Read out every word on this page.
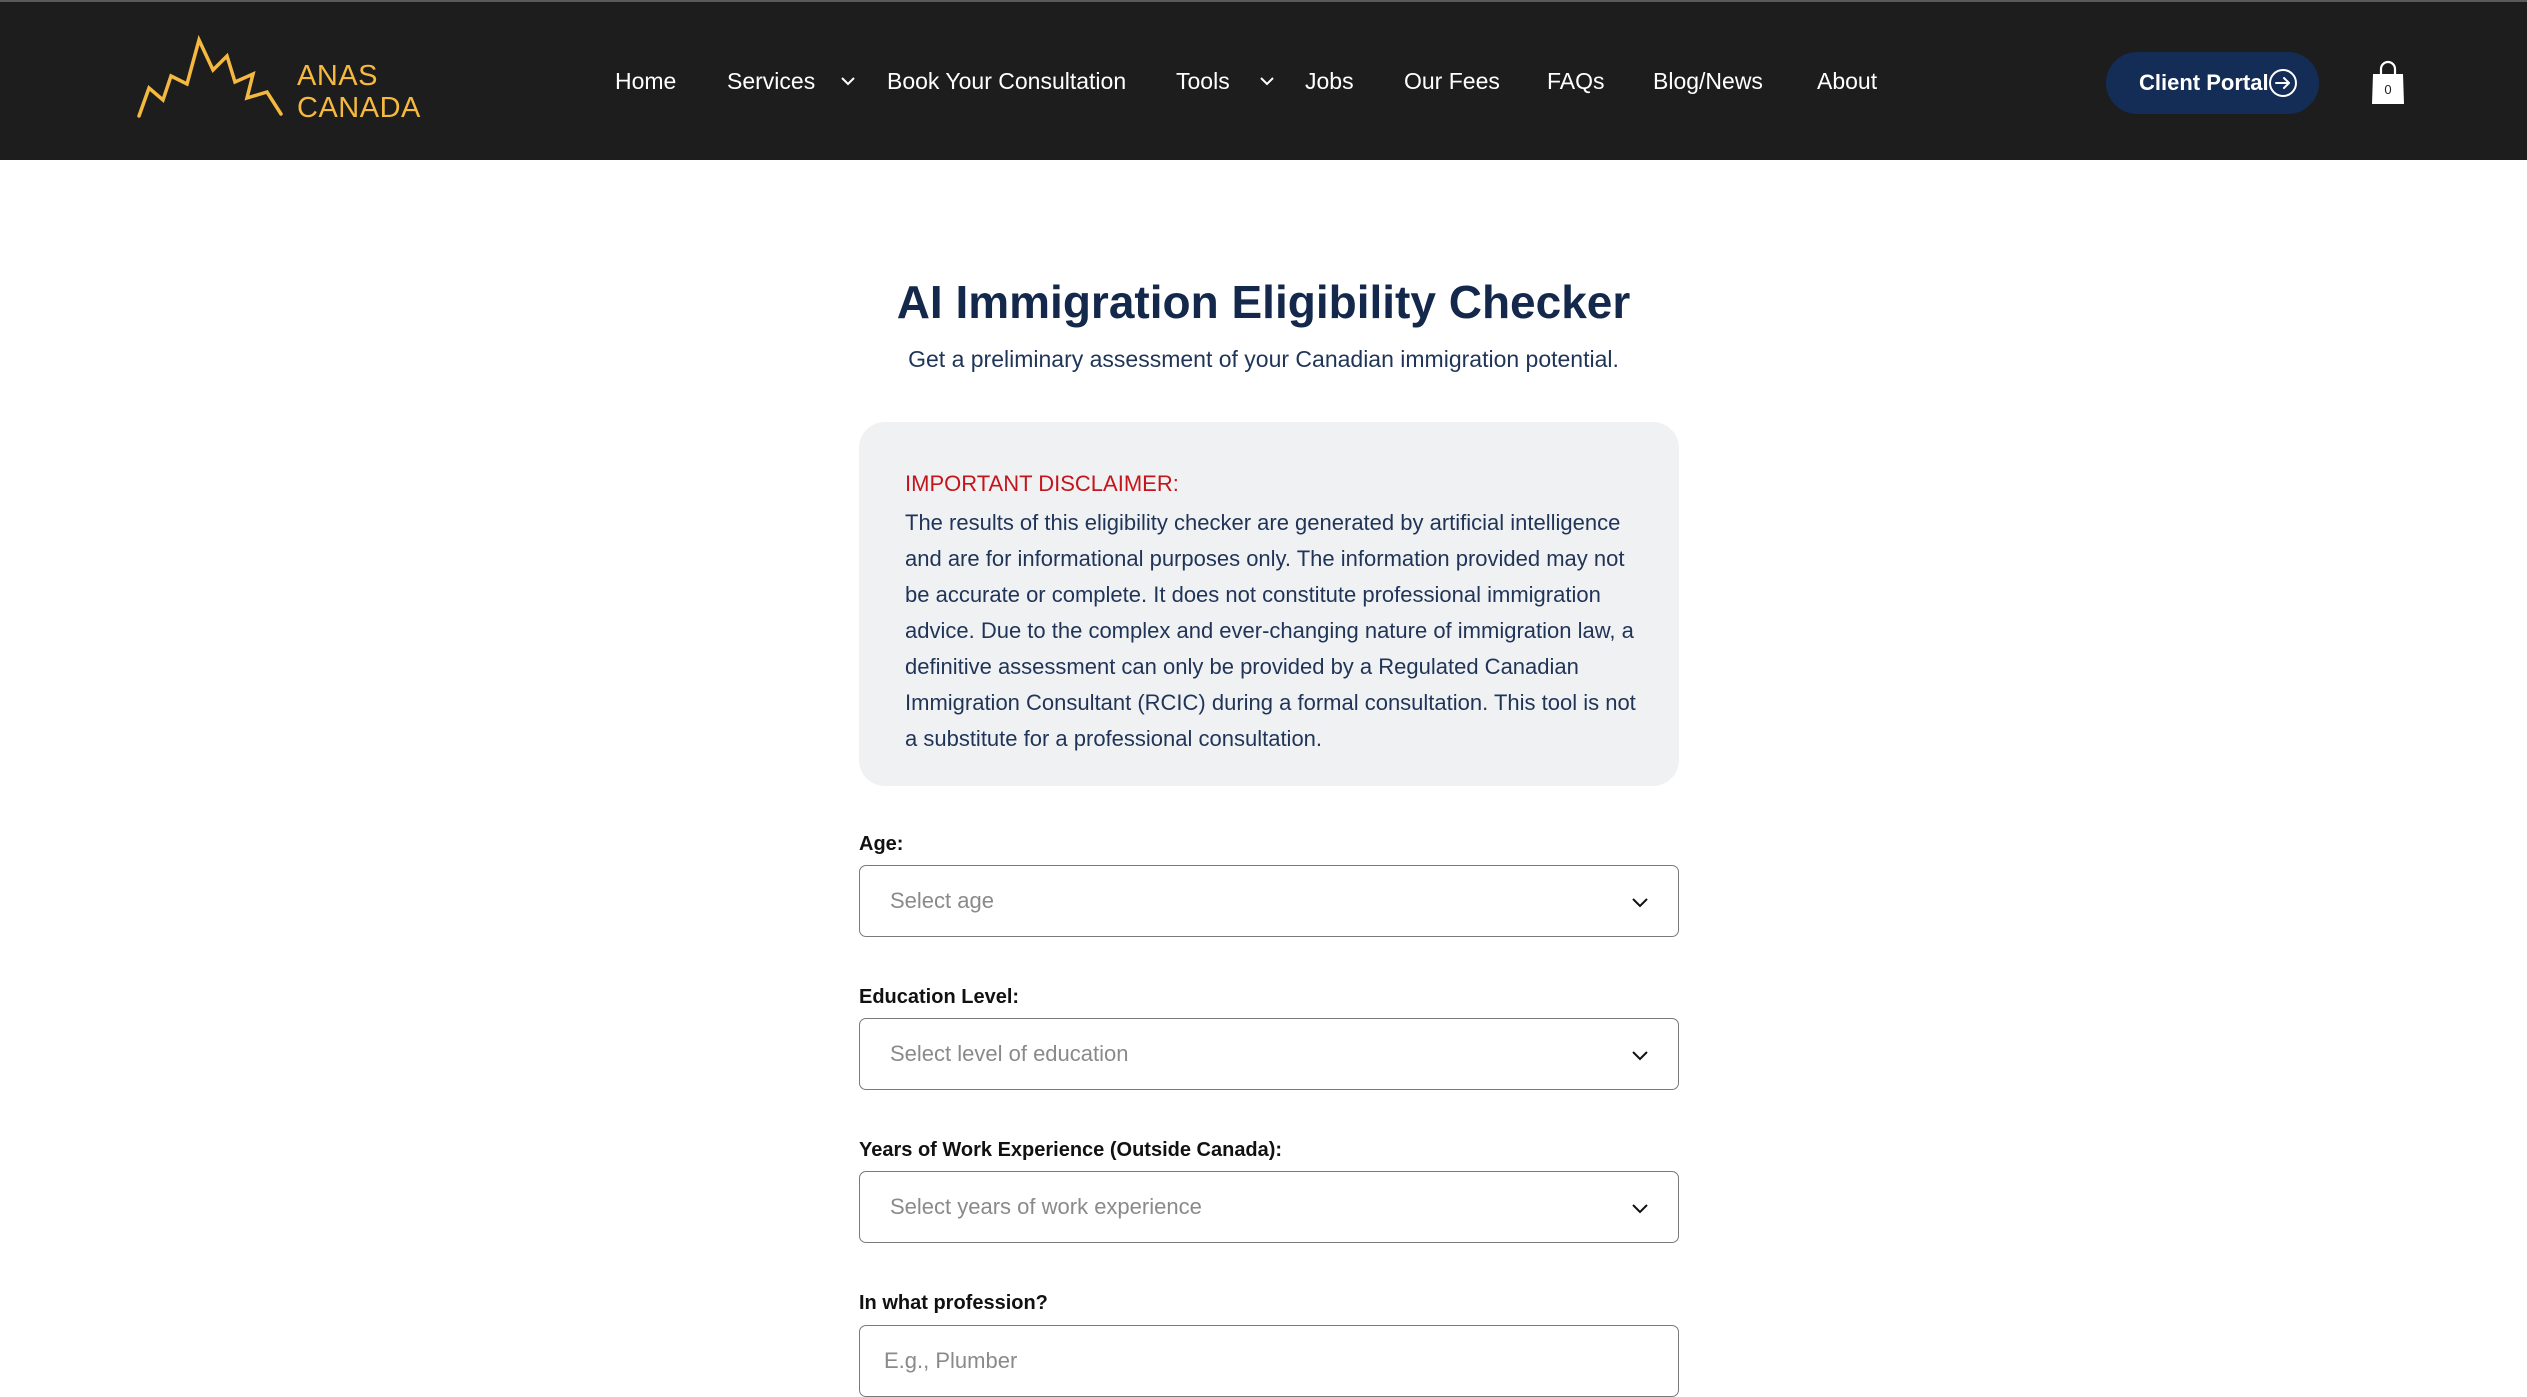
ANAS
CANADA
Home Services	Book Your Consultation Tools	Jobs Our Fees FAQs Blog/News About	Client Portal	0
AI Immigration Eligibility Checker
Get a preliminary assessment of your Canadian immigration potential.
IMPORTANT DISCLAIMER:
The results of this eligibility checker are generated by artificial intelligence and are for informational purposes only. The information provided may not be accurate or complete. It does not constitute professional immigration advice. Due to the complex and ever-changing nature of immigration law, a definitive assessment can only be provided by a Regulated Canadian Immigration Consultant (RCIC) during a formal consultation. This tool is not a substitute for a professional consultation.
Age:
Select age
Education Level:
Select level of education
Years of Work Experience (Outside Canada):
Select years of work experience
In what profession?
E.g., Plumber
